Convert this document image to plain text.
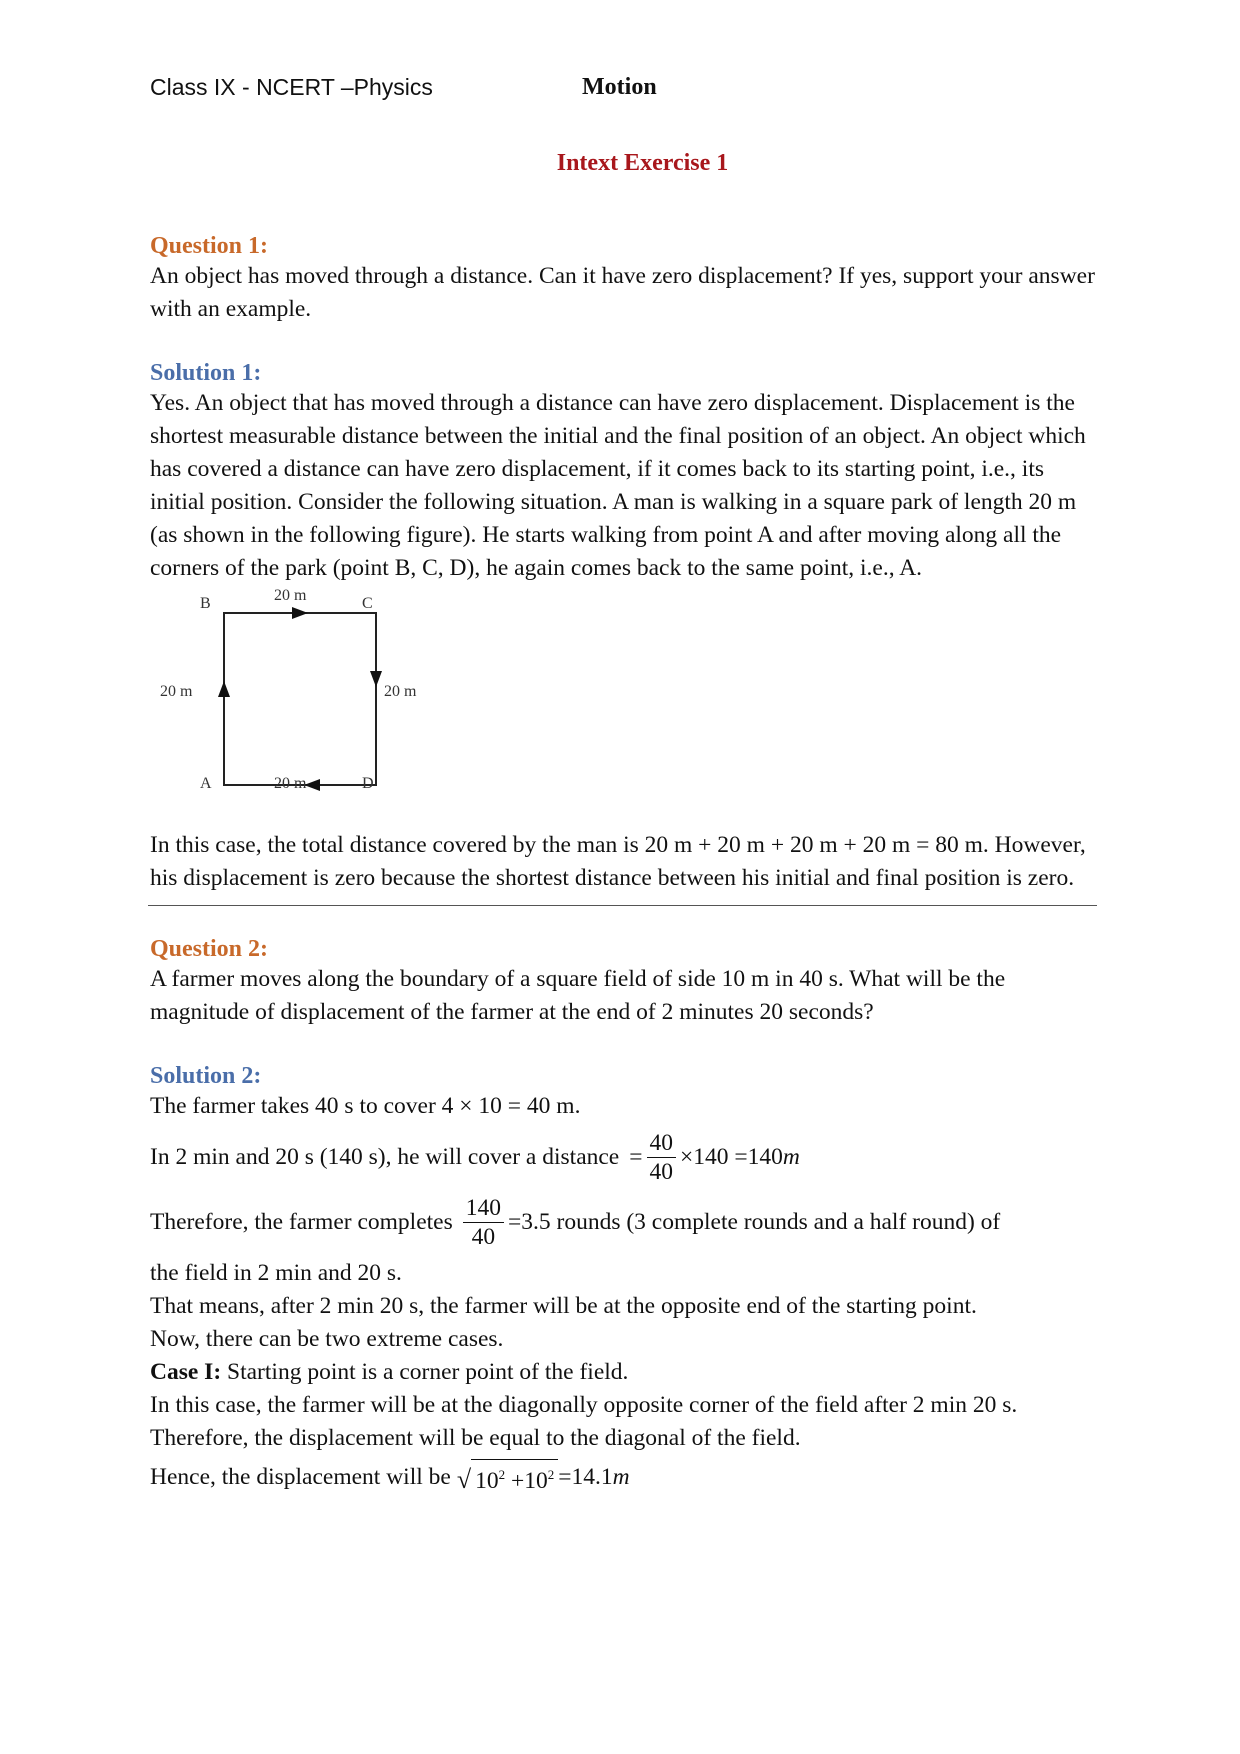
Class IX - NCERT –Physics	Motion
Intext Exercise 1
Question 1:

An object has moved through a distance. Can it have zero displacement? If yes, support your answer with an example.

Solution 1:

Yes. An object that has moved through a distance can have zero displacement. Displacement is the shortest measurable distance between the initial and the final position of an object. An object which has covered a distance can have zero displacement, if it comes back to its starting point, i.e., its initial position. Consider the following situation. A man is walking in a square park of length 20 m (as shown in the following figure). He starts walking from point A and after moving along all the corners of the park (point B, C, D), he again comes back to the same point, i.e., A.

B	20 m	C
20 m	20 m
A	20 m	D

In this case, the total distance covered by the man is 20 m + 20 m + 20 m + 20 m = 80 m. However, his displacement is zero because the shortest distance between his initial and final position is zero.

Question 2:

A farmer moves along the boundary of a square field of side 10 m in 40 s. What will be the magnitude of displacement of the farmer at the end of 2 minutes 20 seconds?

Solution 2:

The farmer takes 40 s to cover 4 × 10 = 40 m.

In 2 min and 20 s (140 s), he will cover a distance = $\frac{40}{40} \times 140 =140$ m
Therefore, the farmer completes $\frac{140}{40} =3.5$ rounds (3 complete rounds and a half round) of

the field in 2 min and 20 s.

That means, after 2 min 20 s, the farmer will be at the opposite end of the starting point.

Now, there can be two extreme cases.

Case I: Starting point is a corner point of the field.

In this case, the farmer will be at the diagonally opposite corner of the field after 2 min 20 s.

Therefore, the displacement will be equal to the diagonal of the field.

Hence, the displacement will be √ $10^2 +10^2 =14.1$ m
